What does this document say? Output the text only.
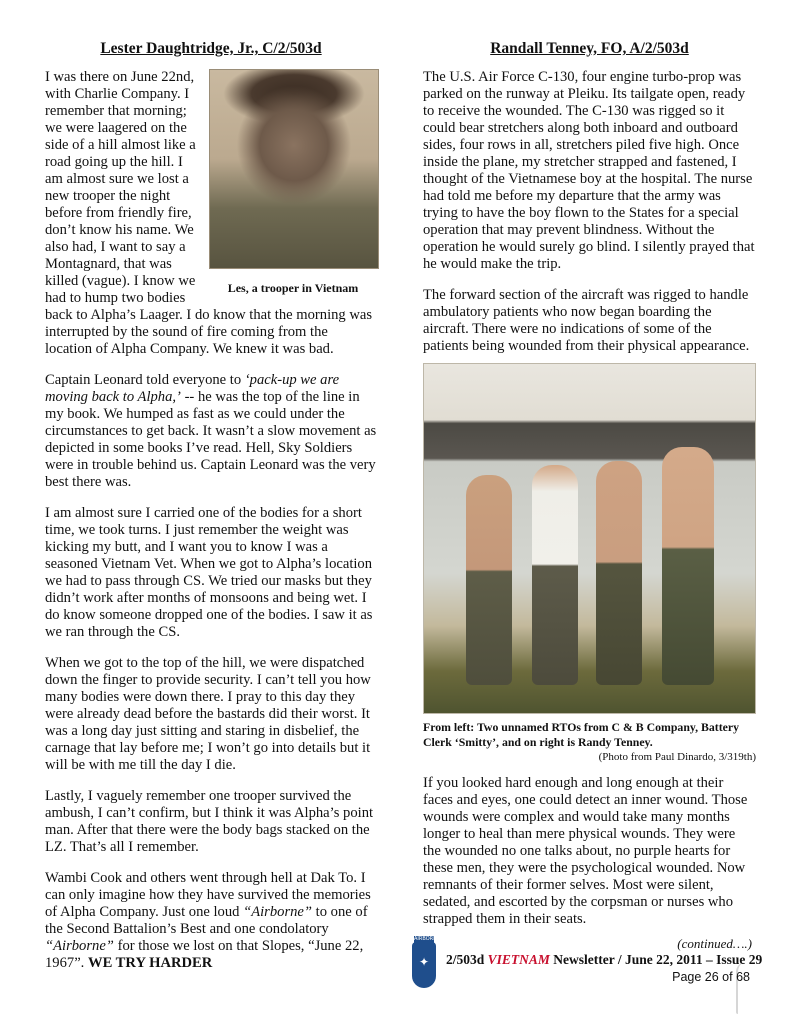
Lester Daughtridge, Jr., C/2/503d
Les, a trooper in Vietnam

I was there on June 22nd, with Charlie Company. I remember that morning; we were laagered on the side of a hill almost like a road going up the hill. I am almost sure we lost a new trooper the night before from friendly fire, don’t know his name. We also had, I want to say a Montagnard, that was killed (vague). I know we had to hump two bodies back to Alpha’s Laager. I do know that the morning was interrupted by the sound of fire coming from the location of Alpha Company. We knew it was bad.

Captain Leonard told everyone to ‘pack-up we are moving back to Alpha,’ -- he was the top of the line in my book. We humped as fast as we could under the circumstances to get back. It wasn’t a slow movement as depicted in some books I’ve read. Hell, Sky Soldiers were in trouble behind us. Captain Leonard was the very best there was.

I am almost sure I carried one of the bodies for a short time, we took turns. I just remember the weight was kicking my butt, and I want you to know I was a seasoned Vietnam Vet. When we got to Alpha’s location we had to pass through CS. We tried our masks but they didn’t work after months of monsoons and being wet. I do know someone dropped one of the bodies. I saw it as we ran through the CS.

When we got to the top of the hill, we were dispatched down the finger to provide security. I can’t tell you how many bodies were down there. I pray to this day they were already dead before the bastards did their worst. It was a long day just sitting and staring in disbelief, the carnage that lay before me; I won’t go into details but it will be with me till the day I die.

Lastly, I vaguely remember one trooper survived the ambush, I can’t confirm, but I think it was Alpha’s point man. After that there were the body bags stacked on the LZ. That’s all I remember.

Wambi Cook and others went through hell at Dak To. I can only imagine how they have survived the memories of Alpha Company. Just one loud “Airborne” to one of the Second Battalion’s Best and one condolatory “Airborne” for those we lost on that Slopes, “June 22, 1967”. WE TRY HARDER

Randall Tenney, FO, A/2/503d

The U.S. Air Force C-130, four engine turbo-prop was parked on the runway at Pleiku. Its tailgate open, ready to receive the wounded. The C-130 was rigged so it could bear stretchers along both inboard and outboard sides, four rows in all, stretchers piled five high. Once inside the plane, my stretcher strapped and fastened, I thought of the Vietnamese boy at the hospital. The nurse had told me before my departure that the army was trying to have the boy flown to the States for a special operation that may prevent blindness. Without the operation he would surely go blind. I silently prayed that he would make the trip.

The forward section of the aircraft was rigged to handle ambulatory patients who now began boarding the aircraft. There were no indications of some of the patients being wounded from their physical appearance.

From left: Two unnamed RTOs from C & B Company, Battery Clerk ‘Smitty’, and on right is Randy Tenney.
(Photo from Paul Dinardo, 3/319th)

If you looked hard enough and long enough at their faces and eyes, one could detect an inner wound. Those wounds were complex and would take many months longer to heal than mere physical wounds. They were the wounded no one talks about, no purple hearts for these men, they were the psychological wounded. Now remnants of their former selves. Most were silent, sedated, and escorted by the corpsman or nurses who strapped them in their seats.

(continued….)
AIRBORNE
✦ 2/503d VIETNAM Newsletter / June 22, 2011 – Issue 29
Page 26 of 68
